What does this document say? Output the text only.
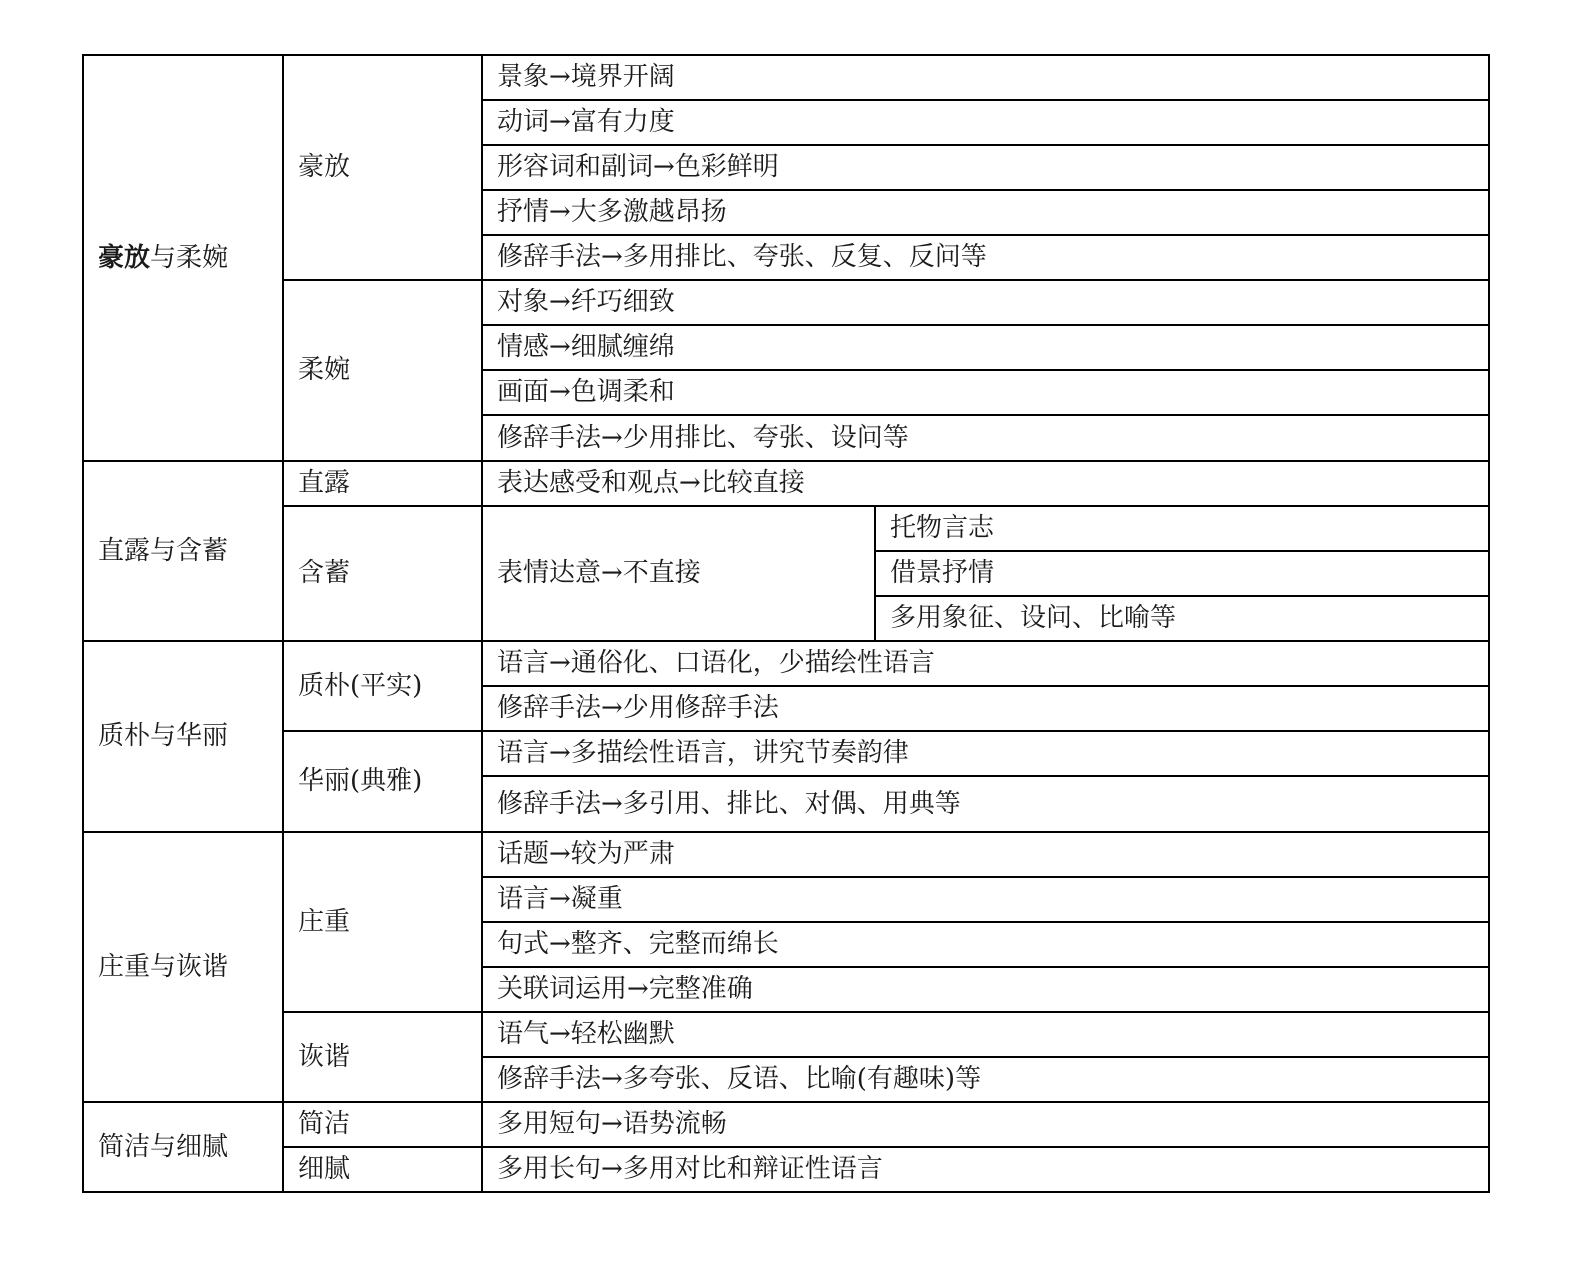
豪放与柔婉	豪放	景象→境界开阔	
		动词→富有力度	
		形容词和副词→色彩鲜明	
		抒情→大多激越昂扬	
		修辞手法→多用排比、夸张、反复、反问等	
	柔婉	对象→纤巧细致	
		情感→细腻缠绵	
		画面→色调柔和	
		修辞手法→少用排比、夸张、设问等	
直露与含蓄	直露	表达感受和观点→比较直接	
	含蓄	表情达意→不直接	托物言志
			借景抒情
			多用象征、设问、比喻等
质朴与华丽	质朴(平实)	语言→通俗化、口语化，少描绘性语言	
		修辞手法→少用修辞手法	
	华丽(典雅)	语言→多描绘性语言，讲究节奏韵律	
		修辞手法→多引用、排比、对偶、用典等	
庄重与诙谐	庄重	话题→较为严肃	
		语言→凝重	
		句式→整齐、完整而绵长	
		关联词运用→完整准确	
	诙谐	语气→轻松幽默	
		修辞手法→多夸张、反语、比喻(有趣味)等	
简洁与细腻	简洁	多用短句→语势流畅	
	细腻	多用长句→多用对比和辩证性语言	
